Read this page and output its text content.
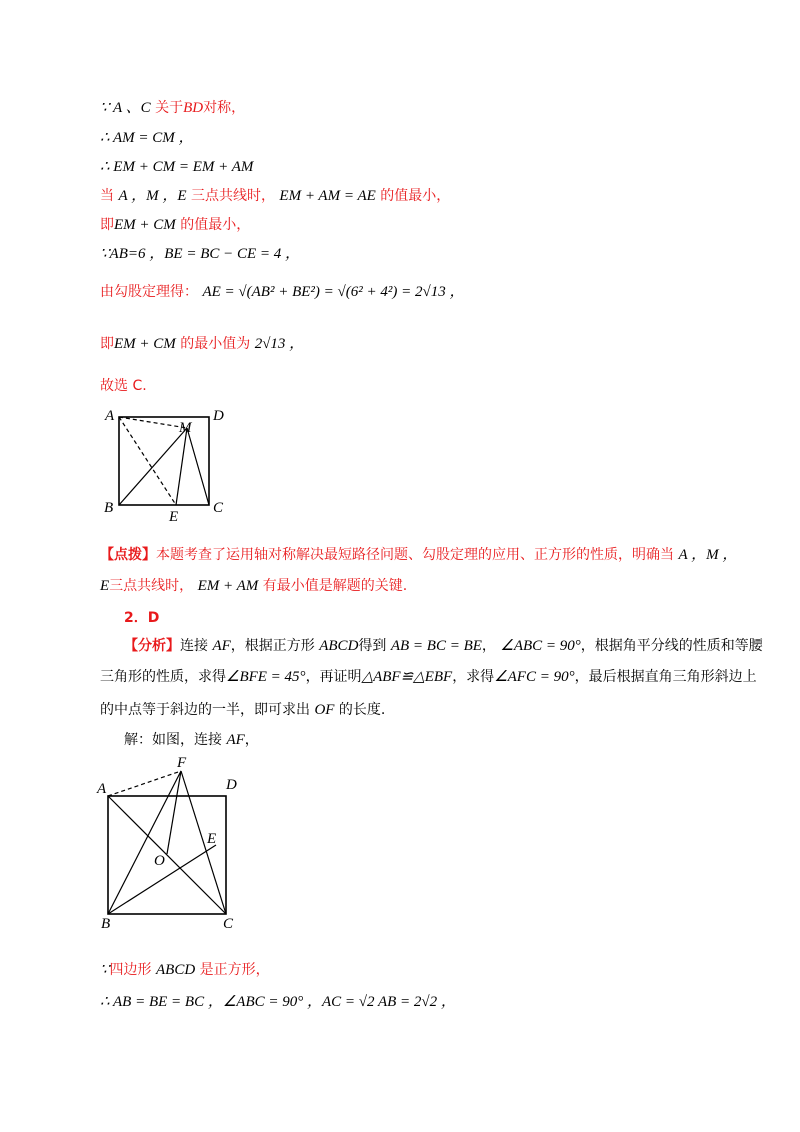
∵ A 、C 关于BD对称，
∴ AM = CM ，
∴ EM + CM = EM + AM
当 A ，M ，E 三点共线时， EM + AM = AE 的值最小，
即EM + CM 的值最小，
∵AB=6 ，BE = BC − CE = 4 ，
由勾股定理得： AE = √(AB² + BE²) = √(6² + 4²) = 2√13 ，
即EM + CM 的最小值为 2√13 ，
故选 C.
A	D
M
B
E
C
【点拨】本题考查了运用轴对称解决最短路径问题、勾股定理的应用、正方形的性质，明确当 A ，M ，
E三点共线时， EM + AM 有最小值是解题的关键.
2．D
【分析】连接 AF，根据正方形 ABCD得到 AB = BC = BE， ∠ABC = 90°，根据角平分线的性质和等腰
三角形的性质，求得∠BFE = 45°，再证明△ABF≌△EBF，求得∠AFC = 90°，最后根据直角三角形斜边上
的中点等于斜边的一半，即可求出 OF 的长度.
解：如图，连接 AF，
F
A	D
E
O
B	C
∵四边形 ABCD 是正方形，
∴ AB = BE = BC ，∠ABC = 90° ，AC = √2 AB = 2√2 ，
